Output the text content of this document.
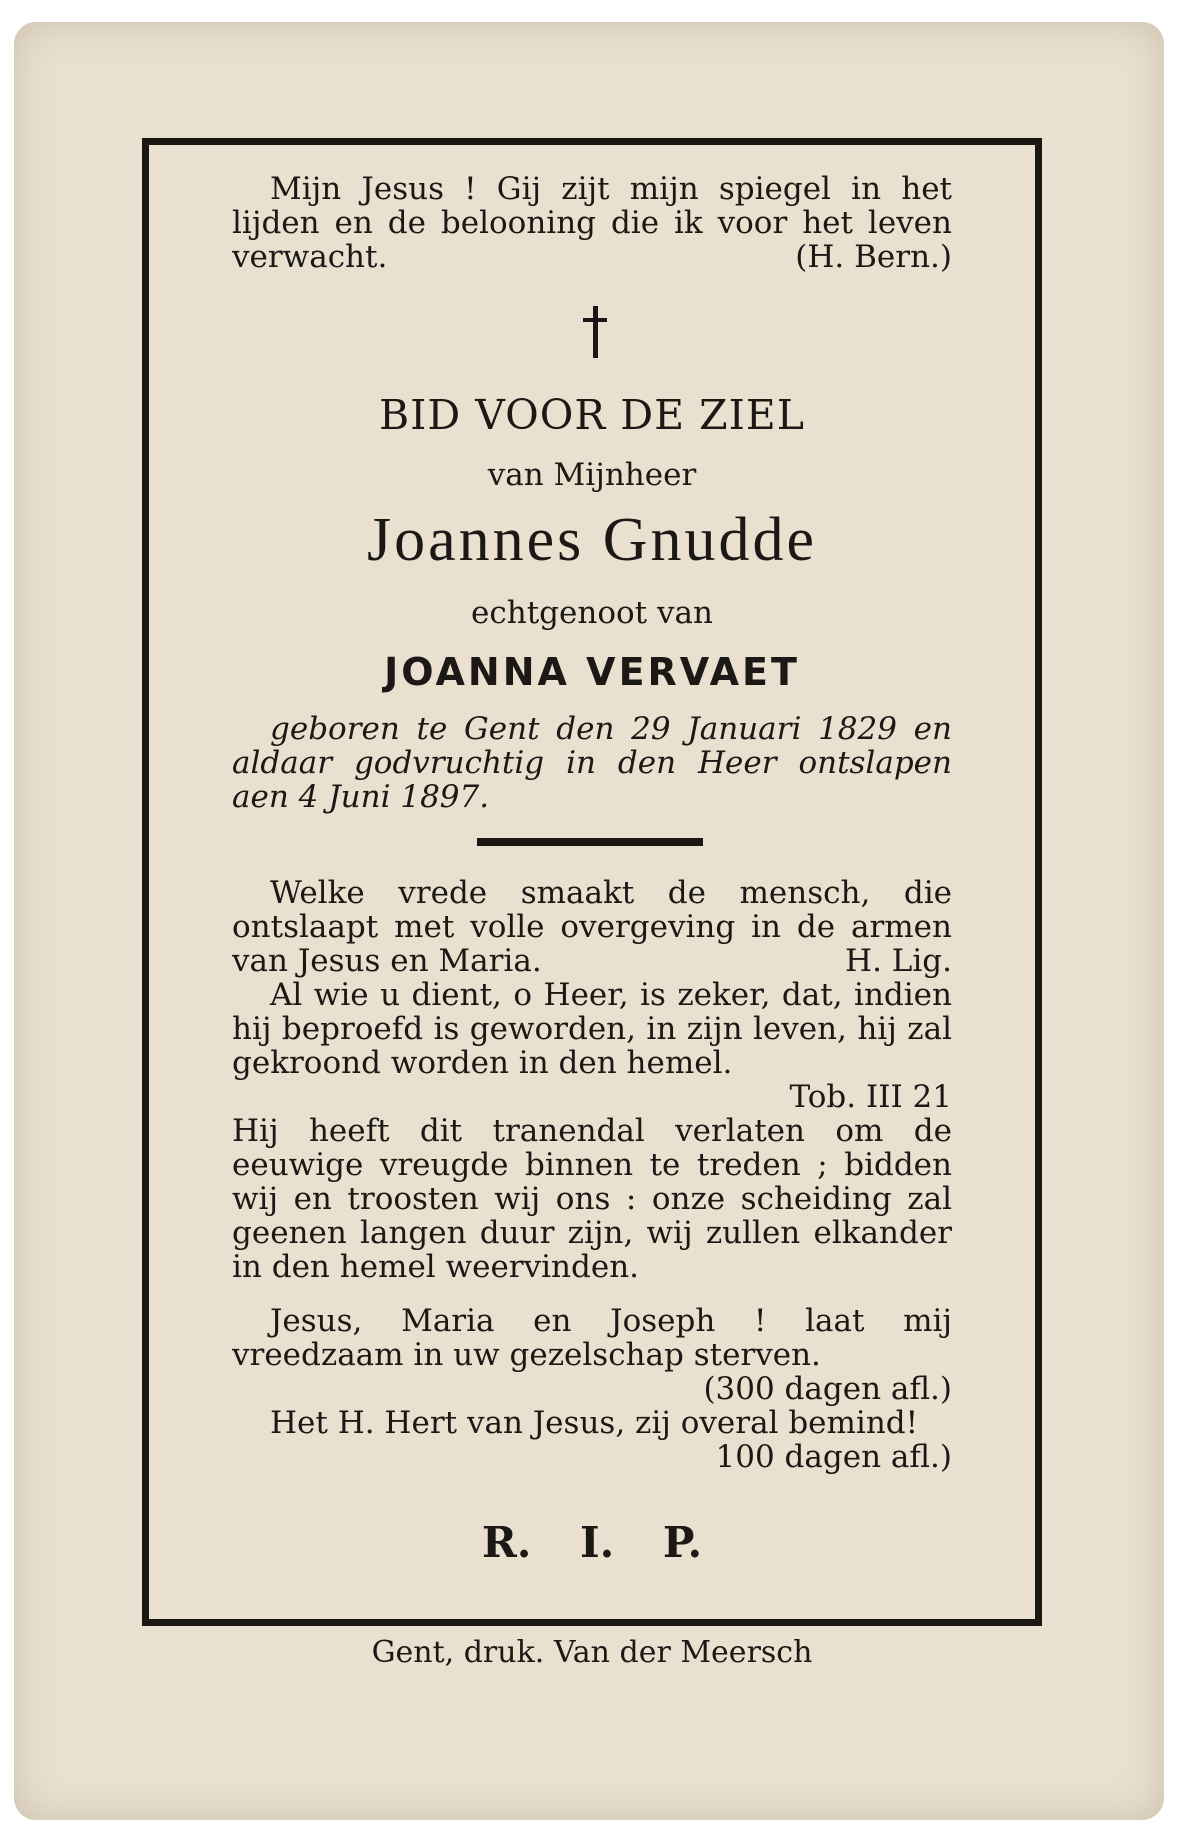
Mijn Jesus ! Gij zijt mijn spiegel in het lijden en de belooning die ik voor het leven verwacht.	(H. Bern.)
BID VOOR DE ZIEL
van Mijnheer
Joannes Gnudde
echtgenoot van
JOANNA VERVAET
geboren te Gent den 29 Januari 1829 en aldaar godvruchtig in den Heer ontslapen aen 4 Juni 1897.
Welke vrede smaakt de mensch, die ontslaapt met volle overgeving in de armen van Jesus en Maria.	H. Lig.
Al wie u dient, o Heer, is zeker, dat, indien hij beproefd is geworden, in zijn leven, hij zal gekroond worden in den hemel.
Tob. III 21
Hij heeft dit tranendal verlaten om de eeuwige vreugde binnen te treden ; bidden wij en troosten wij ons : onze scheiding zal geenen langen duur zijn, wij zullen elkander in den hemel weervinden.
Jesus, Maria en Joseph ! laat mij vreedzaam in uw gezelschap sterven.
(300 dagen afl.)
Het H. Hert van Jesus, zij overal bemind!
100 dagen afl.)
R. I. P.
Gent, druk. Van der Meersch
